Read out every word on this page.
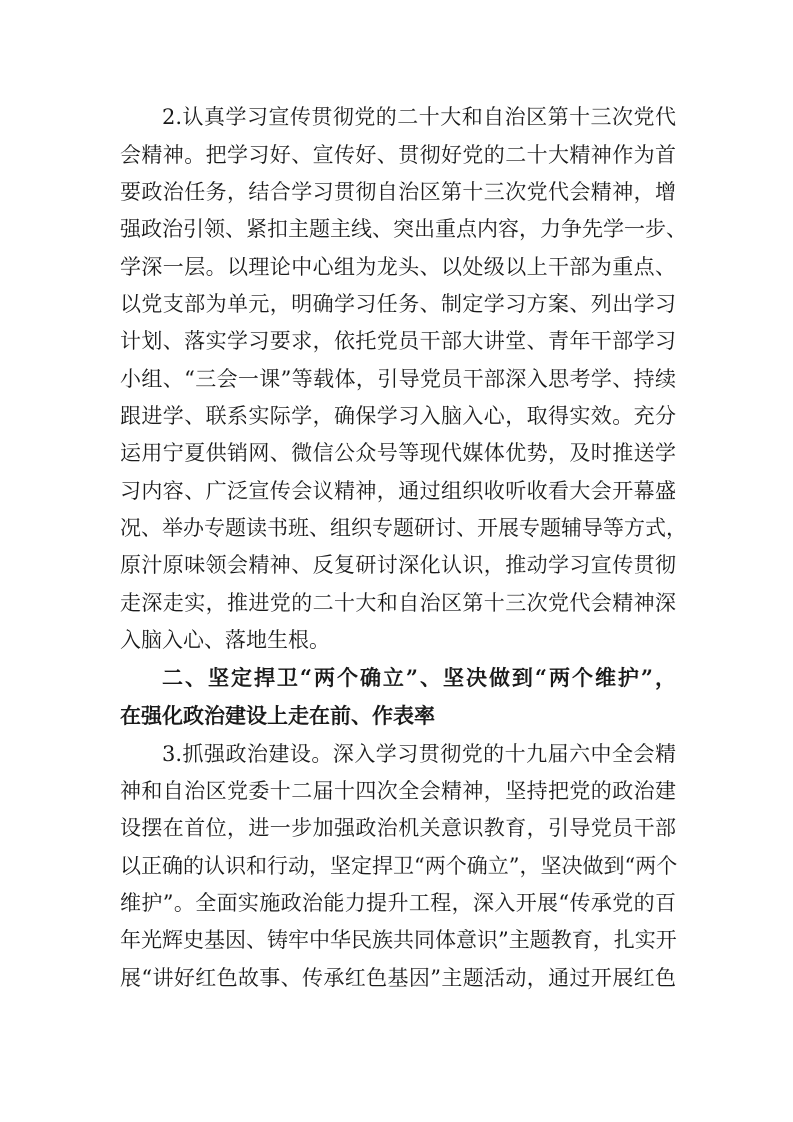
2.认真学习宣传贯彻党的二十大和自治区第十三次党代
会精神。把学习好、宣传好、贯彻好党的二十大精神作为首
要政治任务，结合学习贯彻自治区第十三次党代会精神，增
强政治引领、紧扣主题主线、突出重点内容，力争先学一步、
学深一层。以理论中心组为龙头、以处级以上干部为重点、
以党支部为单元，明确学习任务、制定学习方案、列出学习
计划、落实学习要求，依托党员干部大讲堂、青年干部学习
小组、“三会一课”等载体，引导党员干部深入思考学、持续
跟进学、联系实际学，确保学习入脑入心，取得实效。充分
运用宁夏供销网、微信公众号等现代媒体优势，及时推送学
习内容、广泛宣传会议精神，通过组织收听收看大会开幕盛
况、举办专题读书班、组织专题研讨、开展专题辅导等方式，
原汁原味领会精神、反复研讨深化认识，推动学习宣传贯彻
走深走实，推进党的二十大和自治区第十三次党代会精神深
入脑入心、落地生根。
二、坚定捍卫“两个确立”、坚决做到“两个维护”，
在强化政治建设上走在前、作表率
3.抓强政治建设。深入学习贯彻党的十九届六中全会精
神和自治区党委十二届十四次全会精神，坚持把党的政治建
设摆在首位，进一步加强政治机关意识教育，引导党员干部
以正确的认识和行动，坚定捍卫“两个确立”，坚决做到“两个
维护”。全面实施政治能力提升工程，深入开展“传承党的百
年光辉史基因、铸牢中华民族共同体意识”主题教育，扎实开
展“讲好红色故事、传承红色基因”主题活动，通过开展红色
